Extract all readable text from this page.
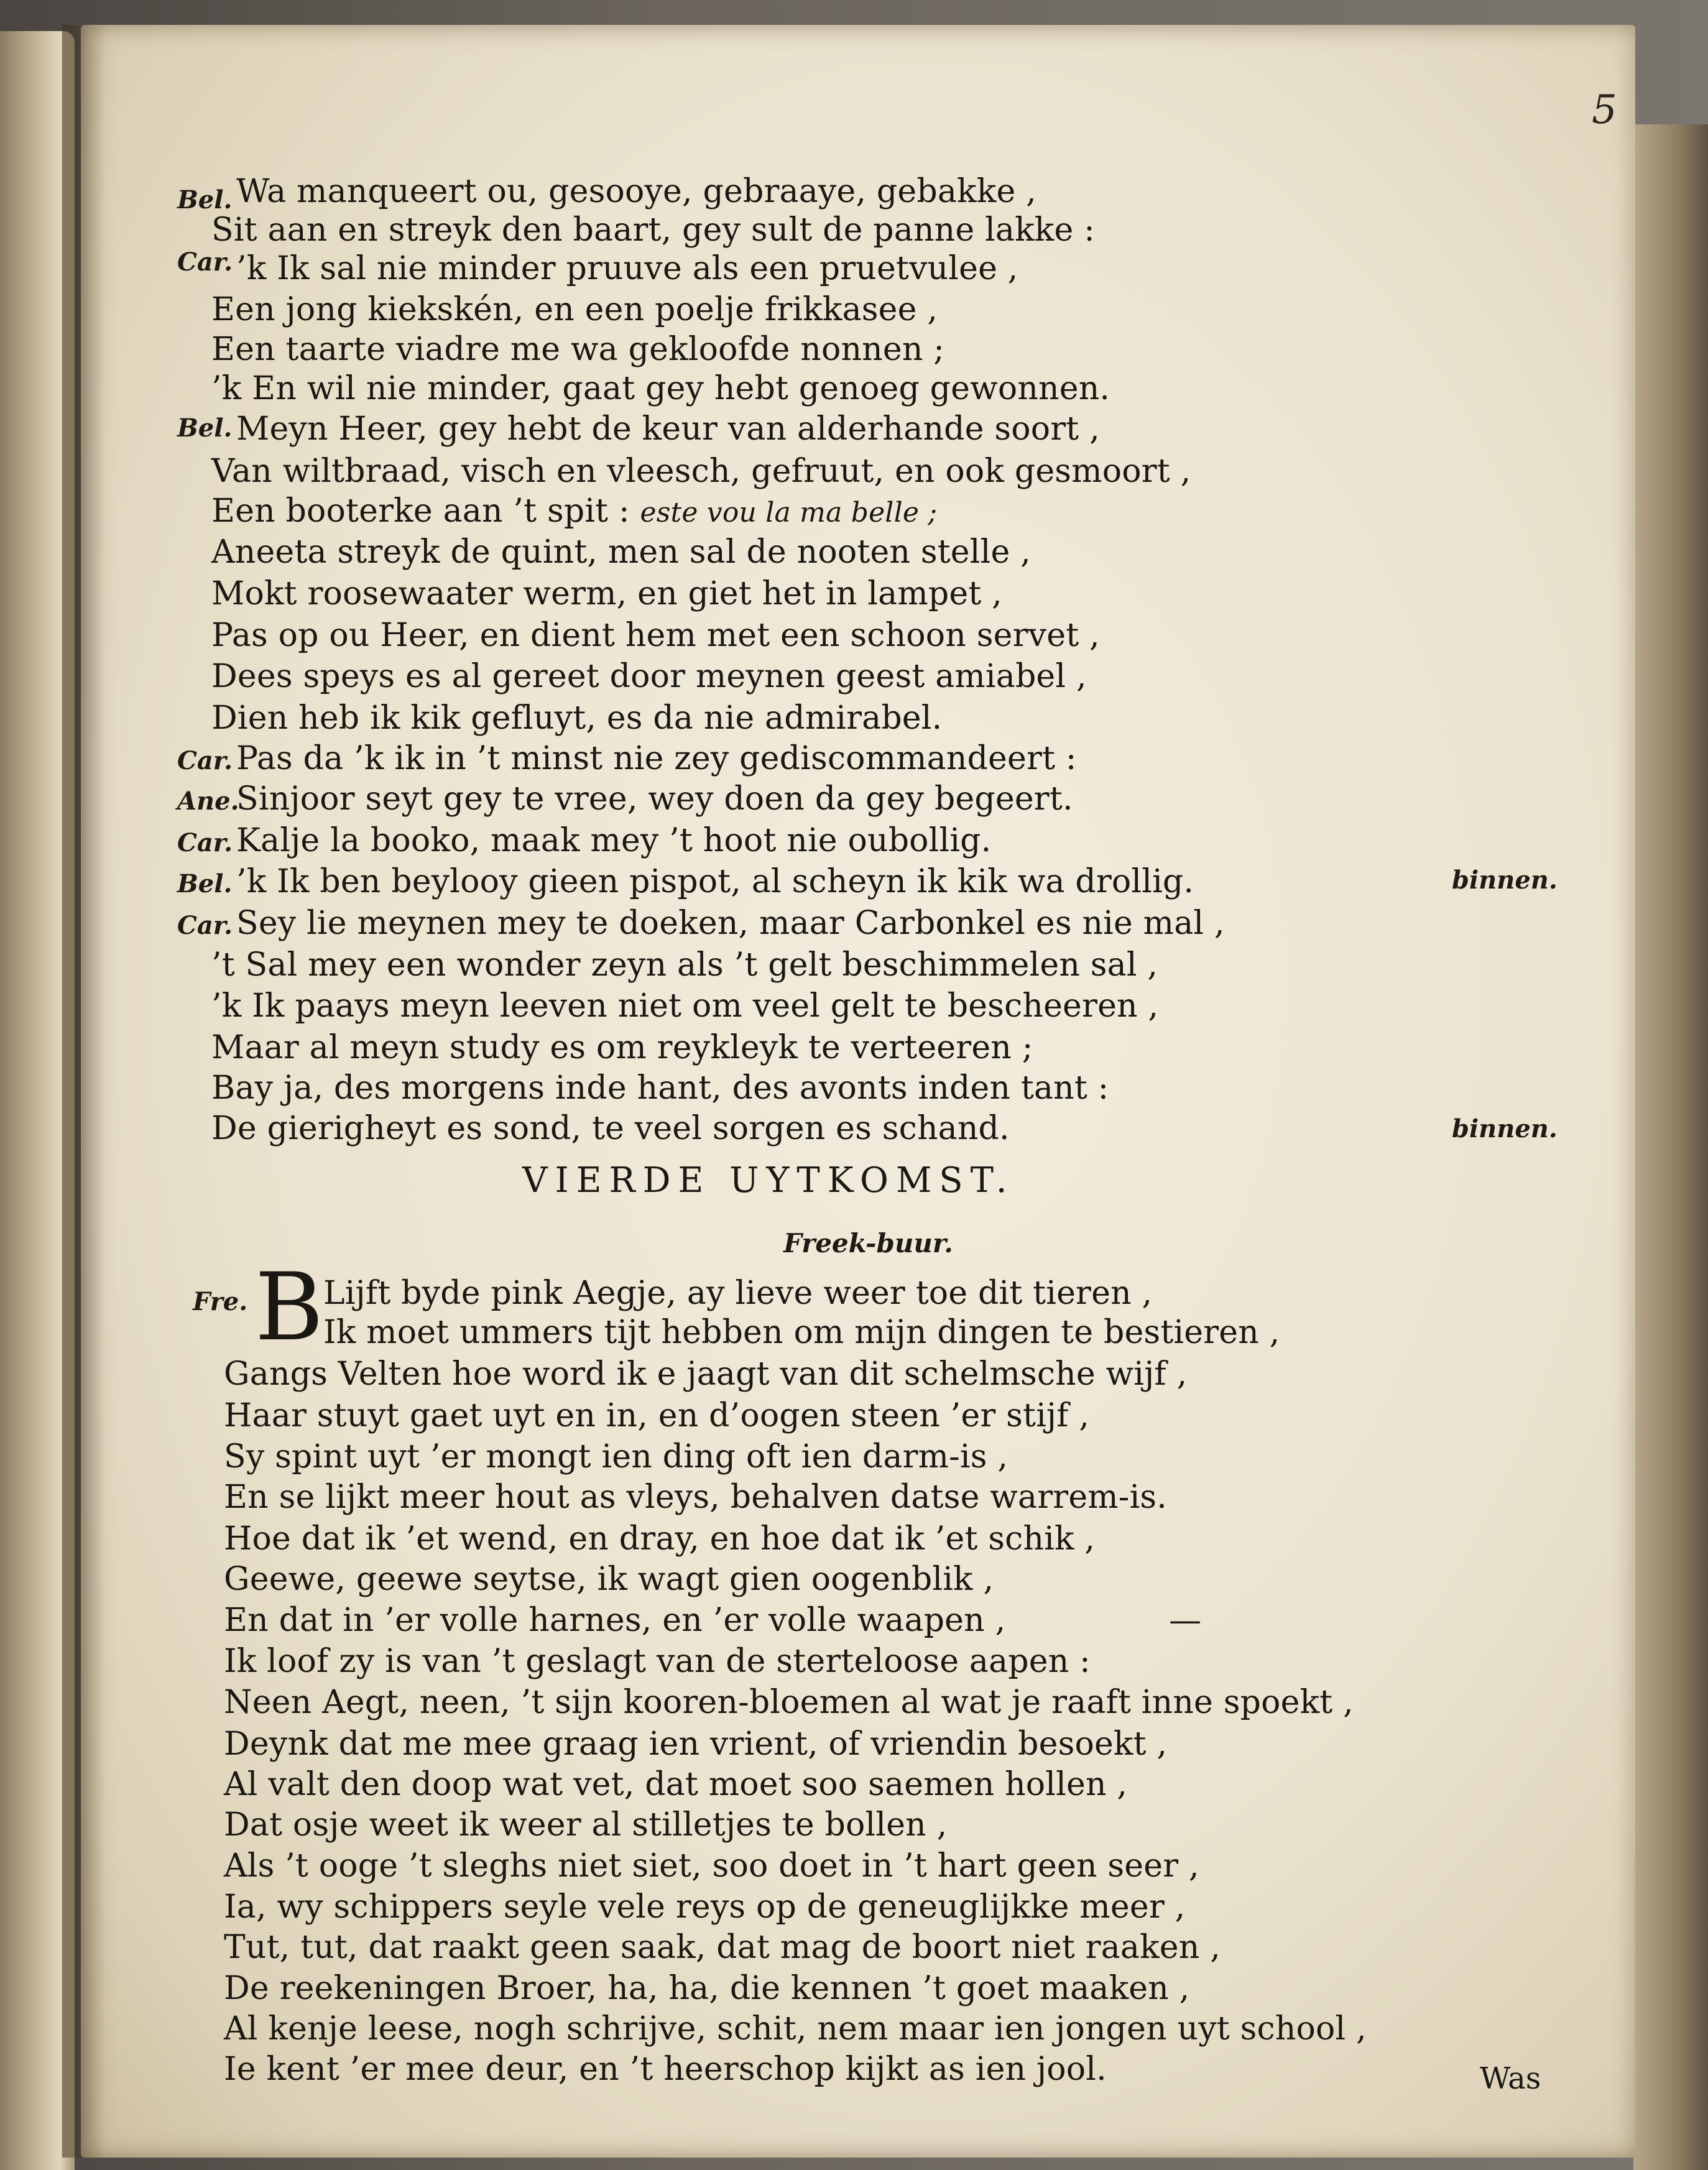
5
Bel.
Car.
Bel.
Car.
Ane.
Car.
Bel.
Car.
Wa manqueert ou, gesooye, gebraaye, gebakke ,
Sit aan en streyk den baart, gey sult de panne lakke :
’k Ik sal nie minder pruuve als een pruetvulee ,
Een jong kiekskén, en een poelje frikkasee ,
Een taarte viadre me wa gekloofde nonnen ;
’k En wil nie minder, gaat gey hebt genoeg gewonnen.
Meyn Heer, gey hebt de keur van alderhande soort ,
Van wiltbraad, visch en vleesch, gefruut, en ook gesmoort ,
Een booterke aan ’t spit : este vou la ma belle ;
Aneeta streyk de quint, men sal de nooten stelle ,
Mokt roosewaater werm, en giet het in lampet ,
Pas op ou Heer, en dient hem met een schoon servet ,
Dees speys es al gereet door meynen geest amiabel ,
Dien heb ik kik gefluyt, es da nie admirabel.
Pas da ’k ik in ’t minst nie zey gediscommandeert :
Sinjoor seyt gey te vree, wey doen da gey begeert.
Kalje la booko, maak mey ’t hoot nie oubollig.
’k Ik ben beylooy gieen pispot, al scheyn ik kik wa drollig.
Sey lie meynen mey te doeken, maar Carbonkel es nie mal ,
’t Sal mey een wonder zeyn als ’t gelt beschimmelen sal ,
’k Ik paays meyn leeven niet om veel gelt te bescheeren ,
Maar al meyn study es om reykleyk te verteeren ;
Bay ja, des morgens inde hant, des avonts inden tant :
De gierigheyt es sond, te veel sorgen es schand.
binnen.
binnen.
VIERDE UYTKOMST.
Freek-buur.
Fre. B Lijft byde pink Aegje, ay lieve weer toe dit tieren ,
Ik moet ummers tijt hebben om mijn dingen te bestieren ,
Gangs Velten hoe word ik e jaagt van dit schelmsche wijf ,
Haar stuyt gaet uyt en in, en d’oogen steen ’er stijf ,
Sy spint uyt ’er mongt ien ding oft ien darm-is ,
En se lijkt meer hout as vleys, behalven datse warrem-is.
Hoe dat ik ’et wend, en dray, en hoe dat ik ’et schik ,
Geewe, geewe seytse, ik wagt gien oogenblik ,
En dat in ’er volle harnes, en ’er volle waapen ,	—
Ik loof zy is van ’t geslagt van de sterteloose aapen :
Neen Aegt, neen, ’t sijn kooren-bloemen al wat je raaft inne spoekt ,
Deynk dat me mee graag ien vrient, of vriendin besoekt ,
Al valt den doop wat vet, dat moet soo saemen hollen ,
Dat osje weet ik weer al stilletjes te bollen ,
Als ’t ooge ’t sleghs niet siet, soo doet in ’t hart geen seer ,
Ia, wy schippers seyle vele reys op de geneuglijkke meer ,
Tut, tut, dat raakt geen saak, dat mag de boort niet raaken ,
De reekeningen Broer, ha, ha, die kennen ’t goet maaken ,
Al kenje leese, nogh schrijve, schit, nem maar ien jongen uyt school ,
Ie kent ’er mee deur, en ’t heerschop kijkt as ien jool.	Was
